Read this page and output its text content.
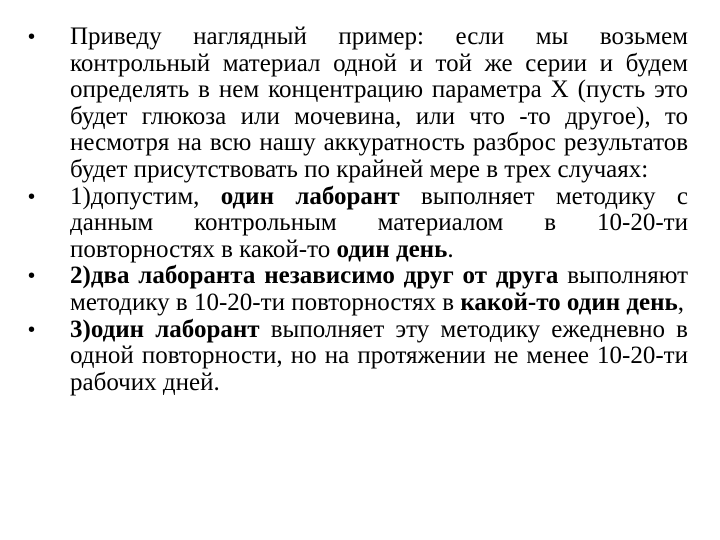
•	Приведу наглядный пример: если мы возьмем контрольный материал одной и той же серии и будем определять в нем концентрацию параметра Х (пусть это будет глюкоза или мочевина, или что -то другое), то несмотря на всю нашу аккуратность разброс результатов будет присутствовать по крайней мере в трех случаях:
•	1)допустим, один лаборант выполняет методику с данным контрольным материалом в 10-20-ти повторностях в какой-то один день.
•	2)два лаборанта независимо друг от друга выполняют методику в 10-20-ти повторностях в какой-то один день,
•	3)один лаборант выполняет эту методику ежедневно в одной повторности, но на протяжении не менее 10-20-ти рабочих дней.
